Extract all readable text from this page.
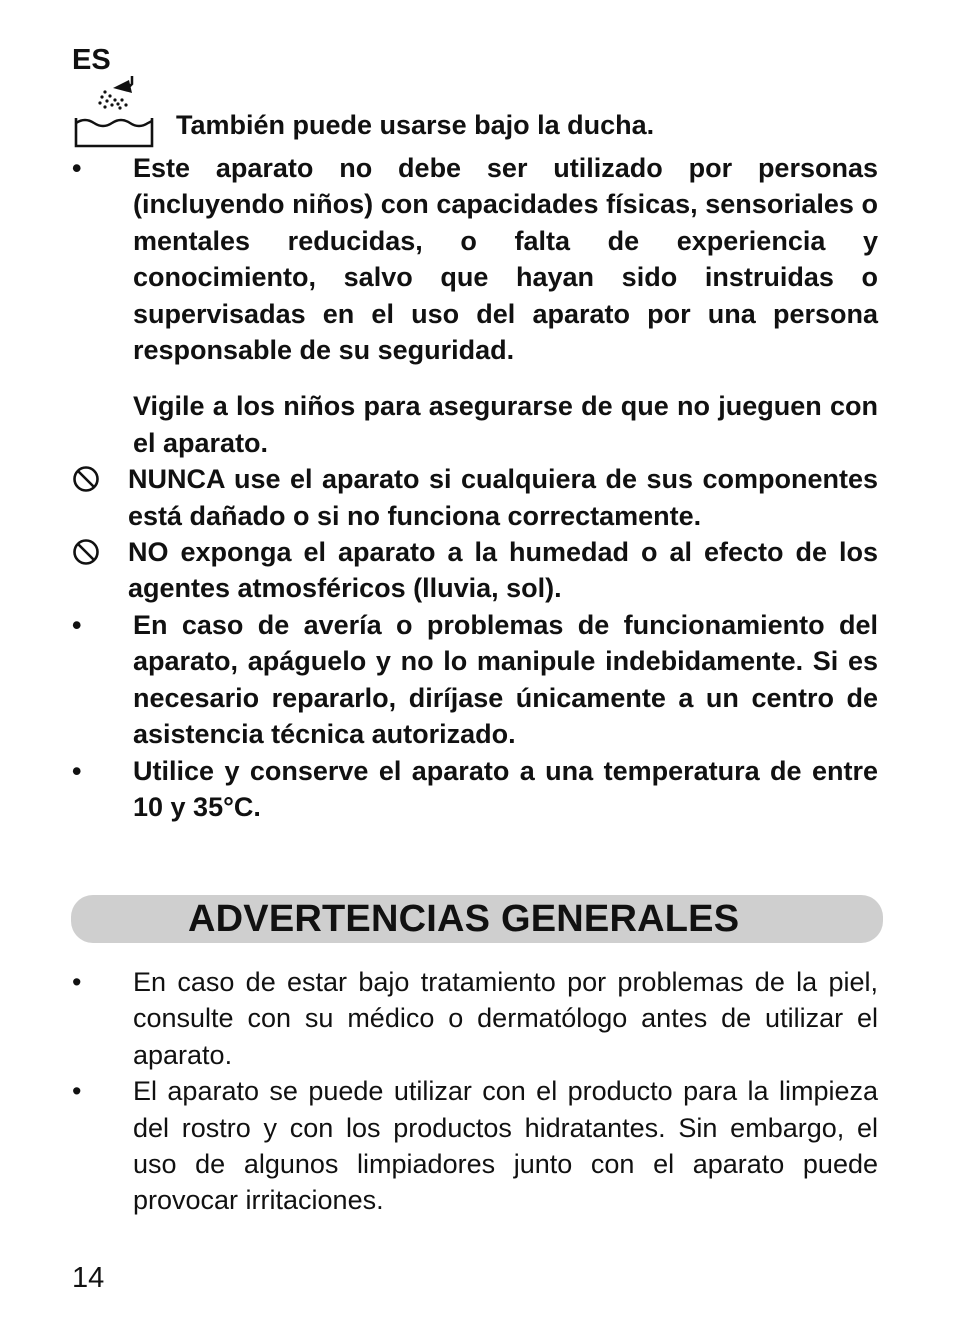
ES
También puede usarse bajo la ducha.
•	Este aparato no debe ser utilizado por personas (incluyendo niños) con capacidades físicas, sensoriales o mentales reducidas, o falta de experiencia y conocimiento, salvo que hayan sido instruidas o supervisadas en el uso del aparato por una persona responsable de su seguridad.
Vigile a los niños para asegurarse de que no jueguen con el aparato.
NUNCA use el aparato si cualquiera de sus componentes está dañado o si no funciona correctamente.
NO exponga el aparato a la humedad o al efecto de los agentes atmosféricos (lluvia, sol).
•	En caso de avería o problemas de funcionamiento del aparato, apáguelo y no lo manipule indebidamente. Si es necesario repararlo, diríjase únicamente a un centro de asistencia técnica autorizado.
•	Utilice y conserve el aparato a una temperatura de entre 10 y 35°C.
ADVERTENCIAS GENERALES
•	En caso de estar bajo tratamiento por problemas de la piel, consulte con su médico o dermatólogo antes de utilizar el aparato.
•	El aparato se puede utilizar con el producto para la limpieza del rostro y con los productos hidratantes. Sin embargo, el uso de algunos limpiadores junto con el aparato puede provocar irritaciones.
14
